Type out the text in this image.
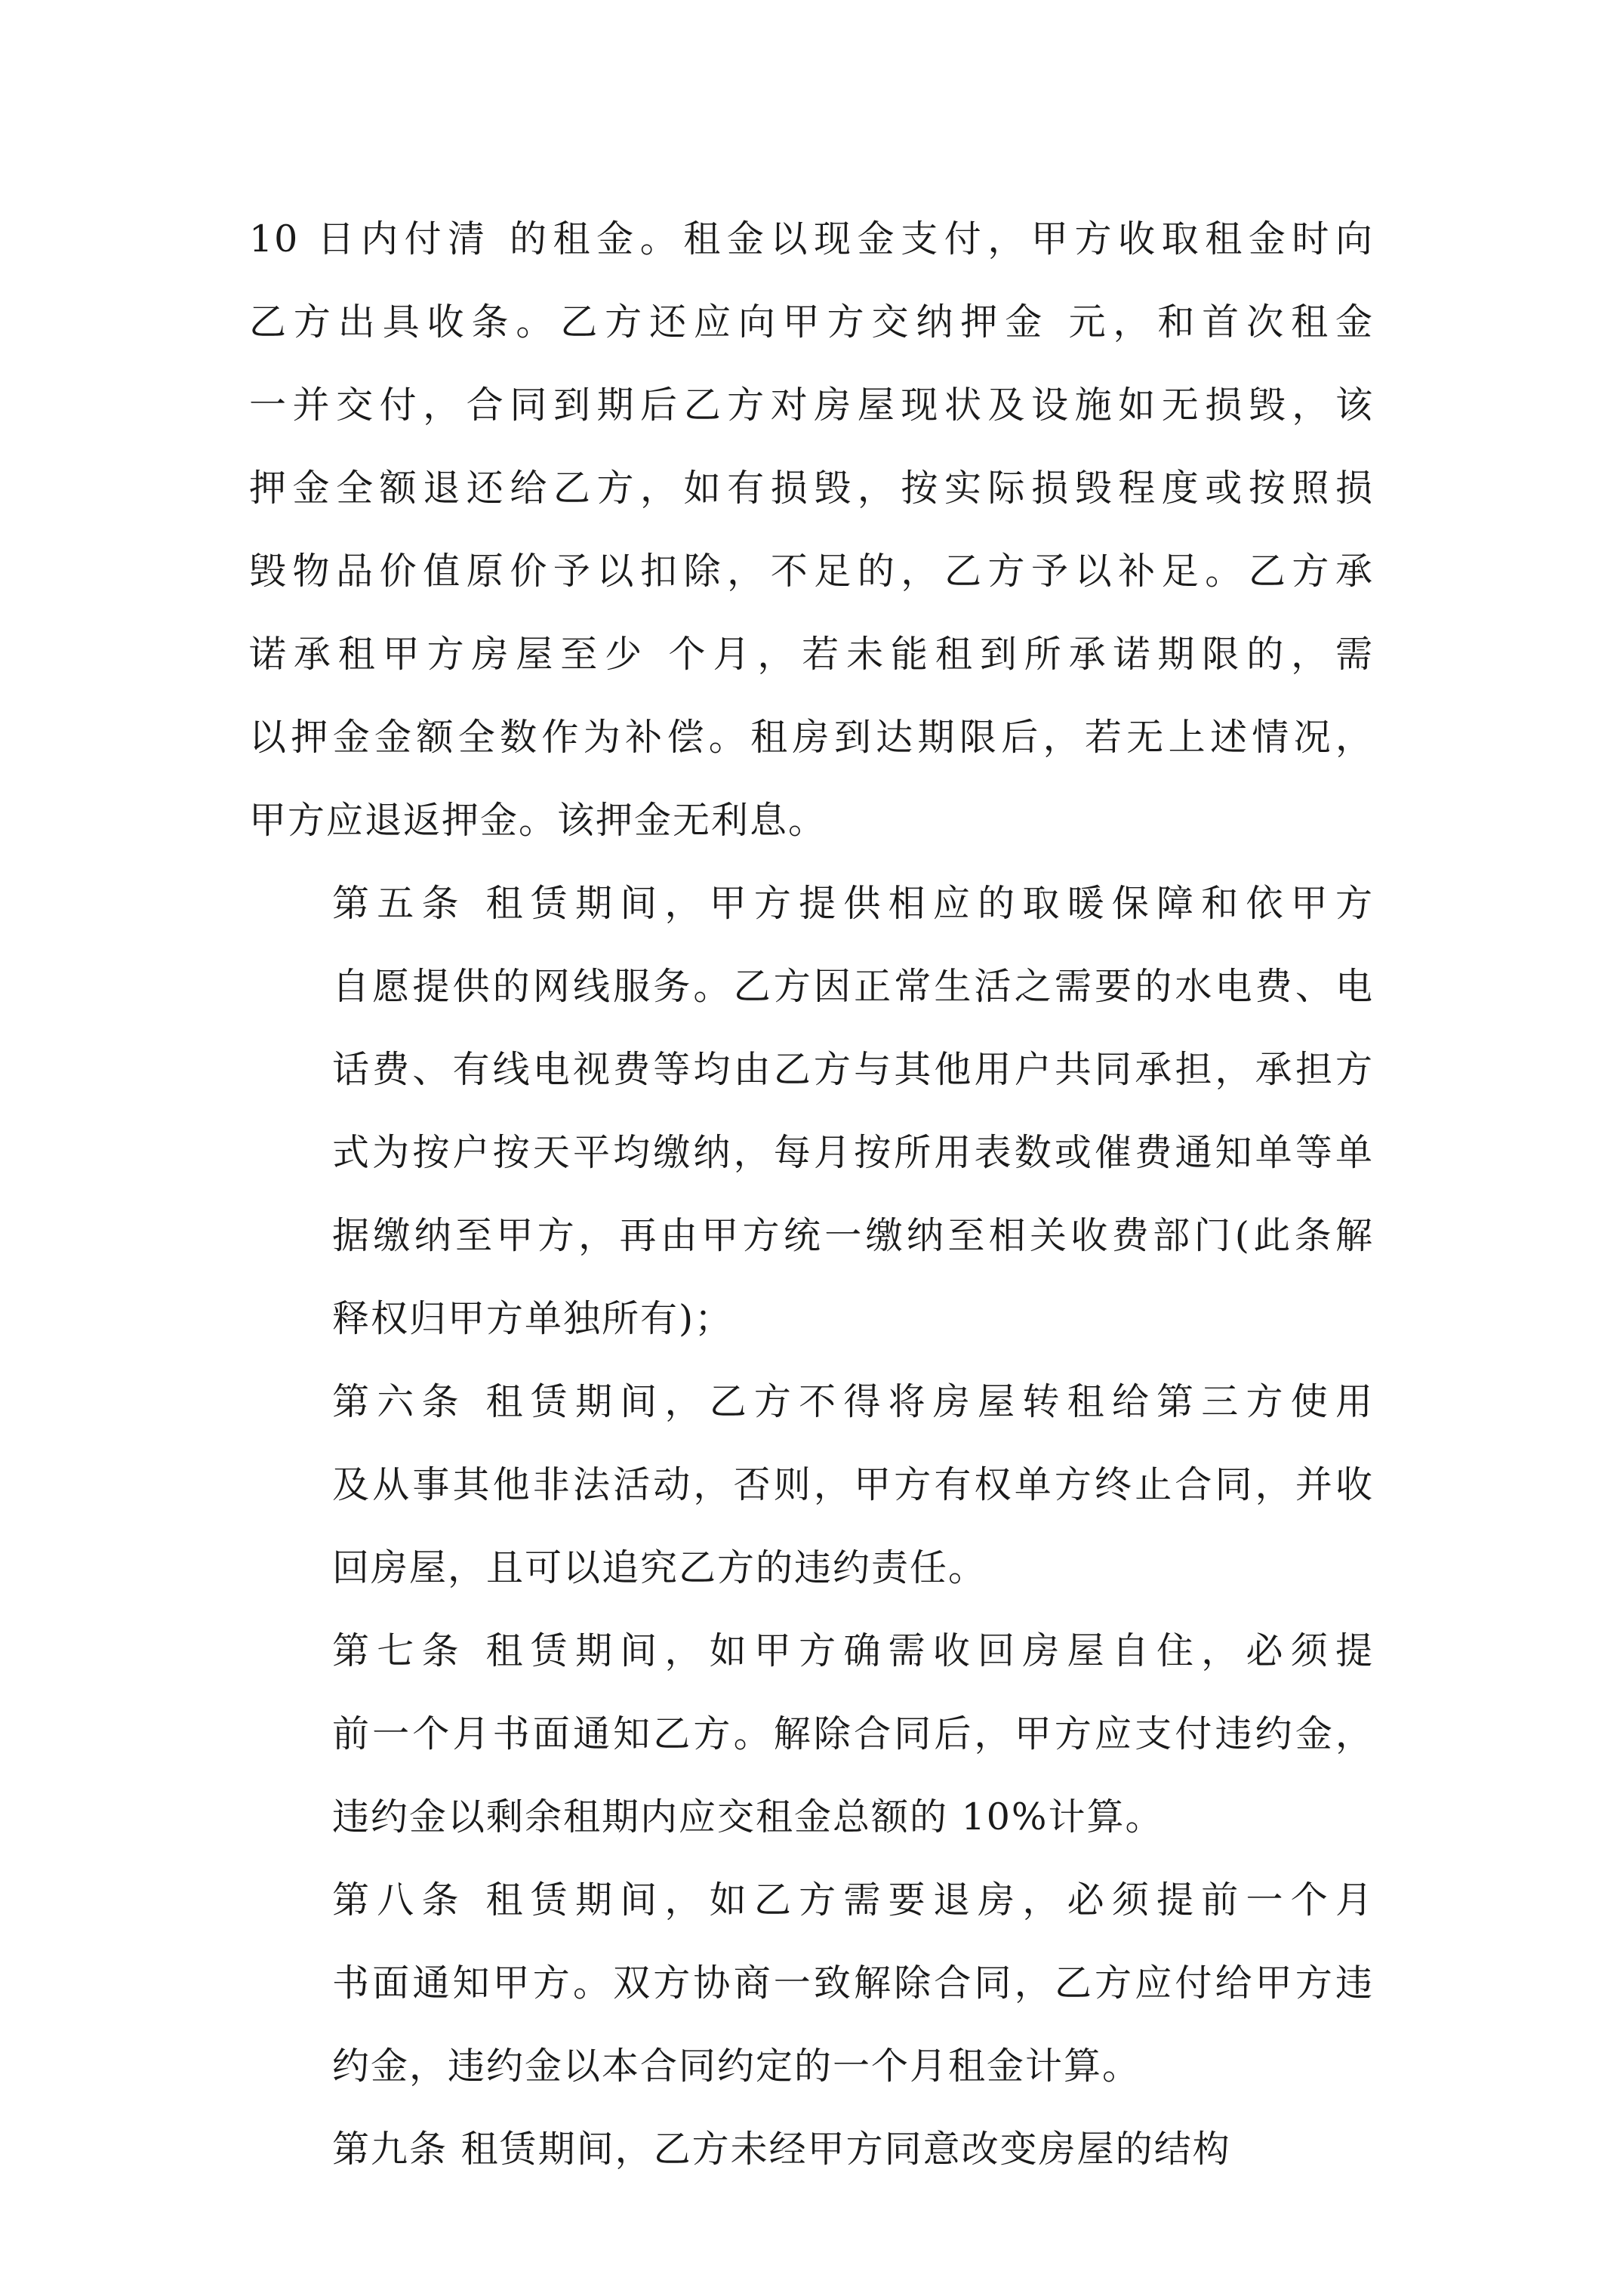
10 日内付清 的租金。租金以现金支付，甲方收取租金时向
乙方出具收条。乙方还应向甲方交纳押金 元，和首次租金
一并交付，合同到期后乙方对房屋现状及设施如无损毁，该
押金全额退还给乙方，如有损毁，按实际损毁程度或按照损
毁物品价值原价予以扣除，不足的，乙方予以补足。乙方承
诺承租甲方房屋至少 个月，若未能租到所承诺期限的，需
以押金金额全数作为补偿。租房到达期限后，若无上述情况，
甲方应退返押金。该押金无利息。
第五条 租赁期间，甲方提供相应的取暖保障和依甲方
自愿提供的网线服务。乙方因正常生活之需要的水电费、电
话费、有线电视费等均由乙方与其他用户共同承担，承担方
式为按户按天平均缴纳，每月按所用表数或催费通知单等单
据缴纳至甲方，再由甲方统一缴纳至相关收费部门(此条解
释权归甲方单独所有)；
第六条 租赁期间，乙方不得将房屋转租给第三方使用
及从事其他非法活动，否则，甲方有权单方终止合同，并收
回房屋，且可以追究乙方的违约责任。
第七条 租赁期间，如甲方确需收回房屋自住，必须提
前一个月书面通知乙方。解除合同后，甲方应支付违约金，
违约金以剩余租期内应交租金总额的 10%计算。
第八条 租赁期间，如乙方需要退房，必须提前一个月
书面通知甲方。双方协商一致解除合同，乙方应付给甲方违
约金，违约金以本合同约定的一个月租金计算。
第九条 租赁期间，乙方未经甲方同意改变房屋的结构
